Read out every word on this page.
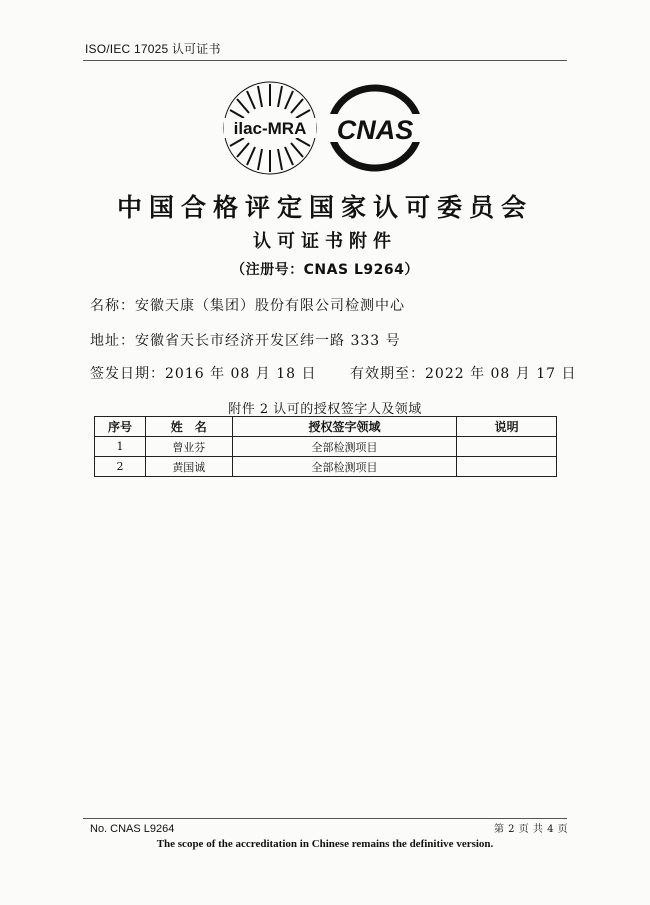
ISO/IEC 17025 认可证书
ilac-MRA CNAS
中国合格评定国家认可委员会
认可证书附件
（注册号：CNAS L9264）
名称：安徽天康（集团）股份有限公司检测中心
地址：安徽省天长市经济开发区纬一路 333 号
签发日期：2016 年 08 月 18 日 有效期至：2022 年 08 月 17 日
附件 2 认可的授权签字人及领域
序号	姓　名	授权签字领域	说明
1	曾业芬	全部检测项目	
2	黄国诚	全部检测项目	
No. CNAS L9264	第 2 页 共 4 页
The scope of the accreditation in Chinese remains the definitive version.
